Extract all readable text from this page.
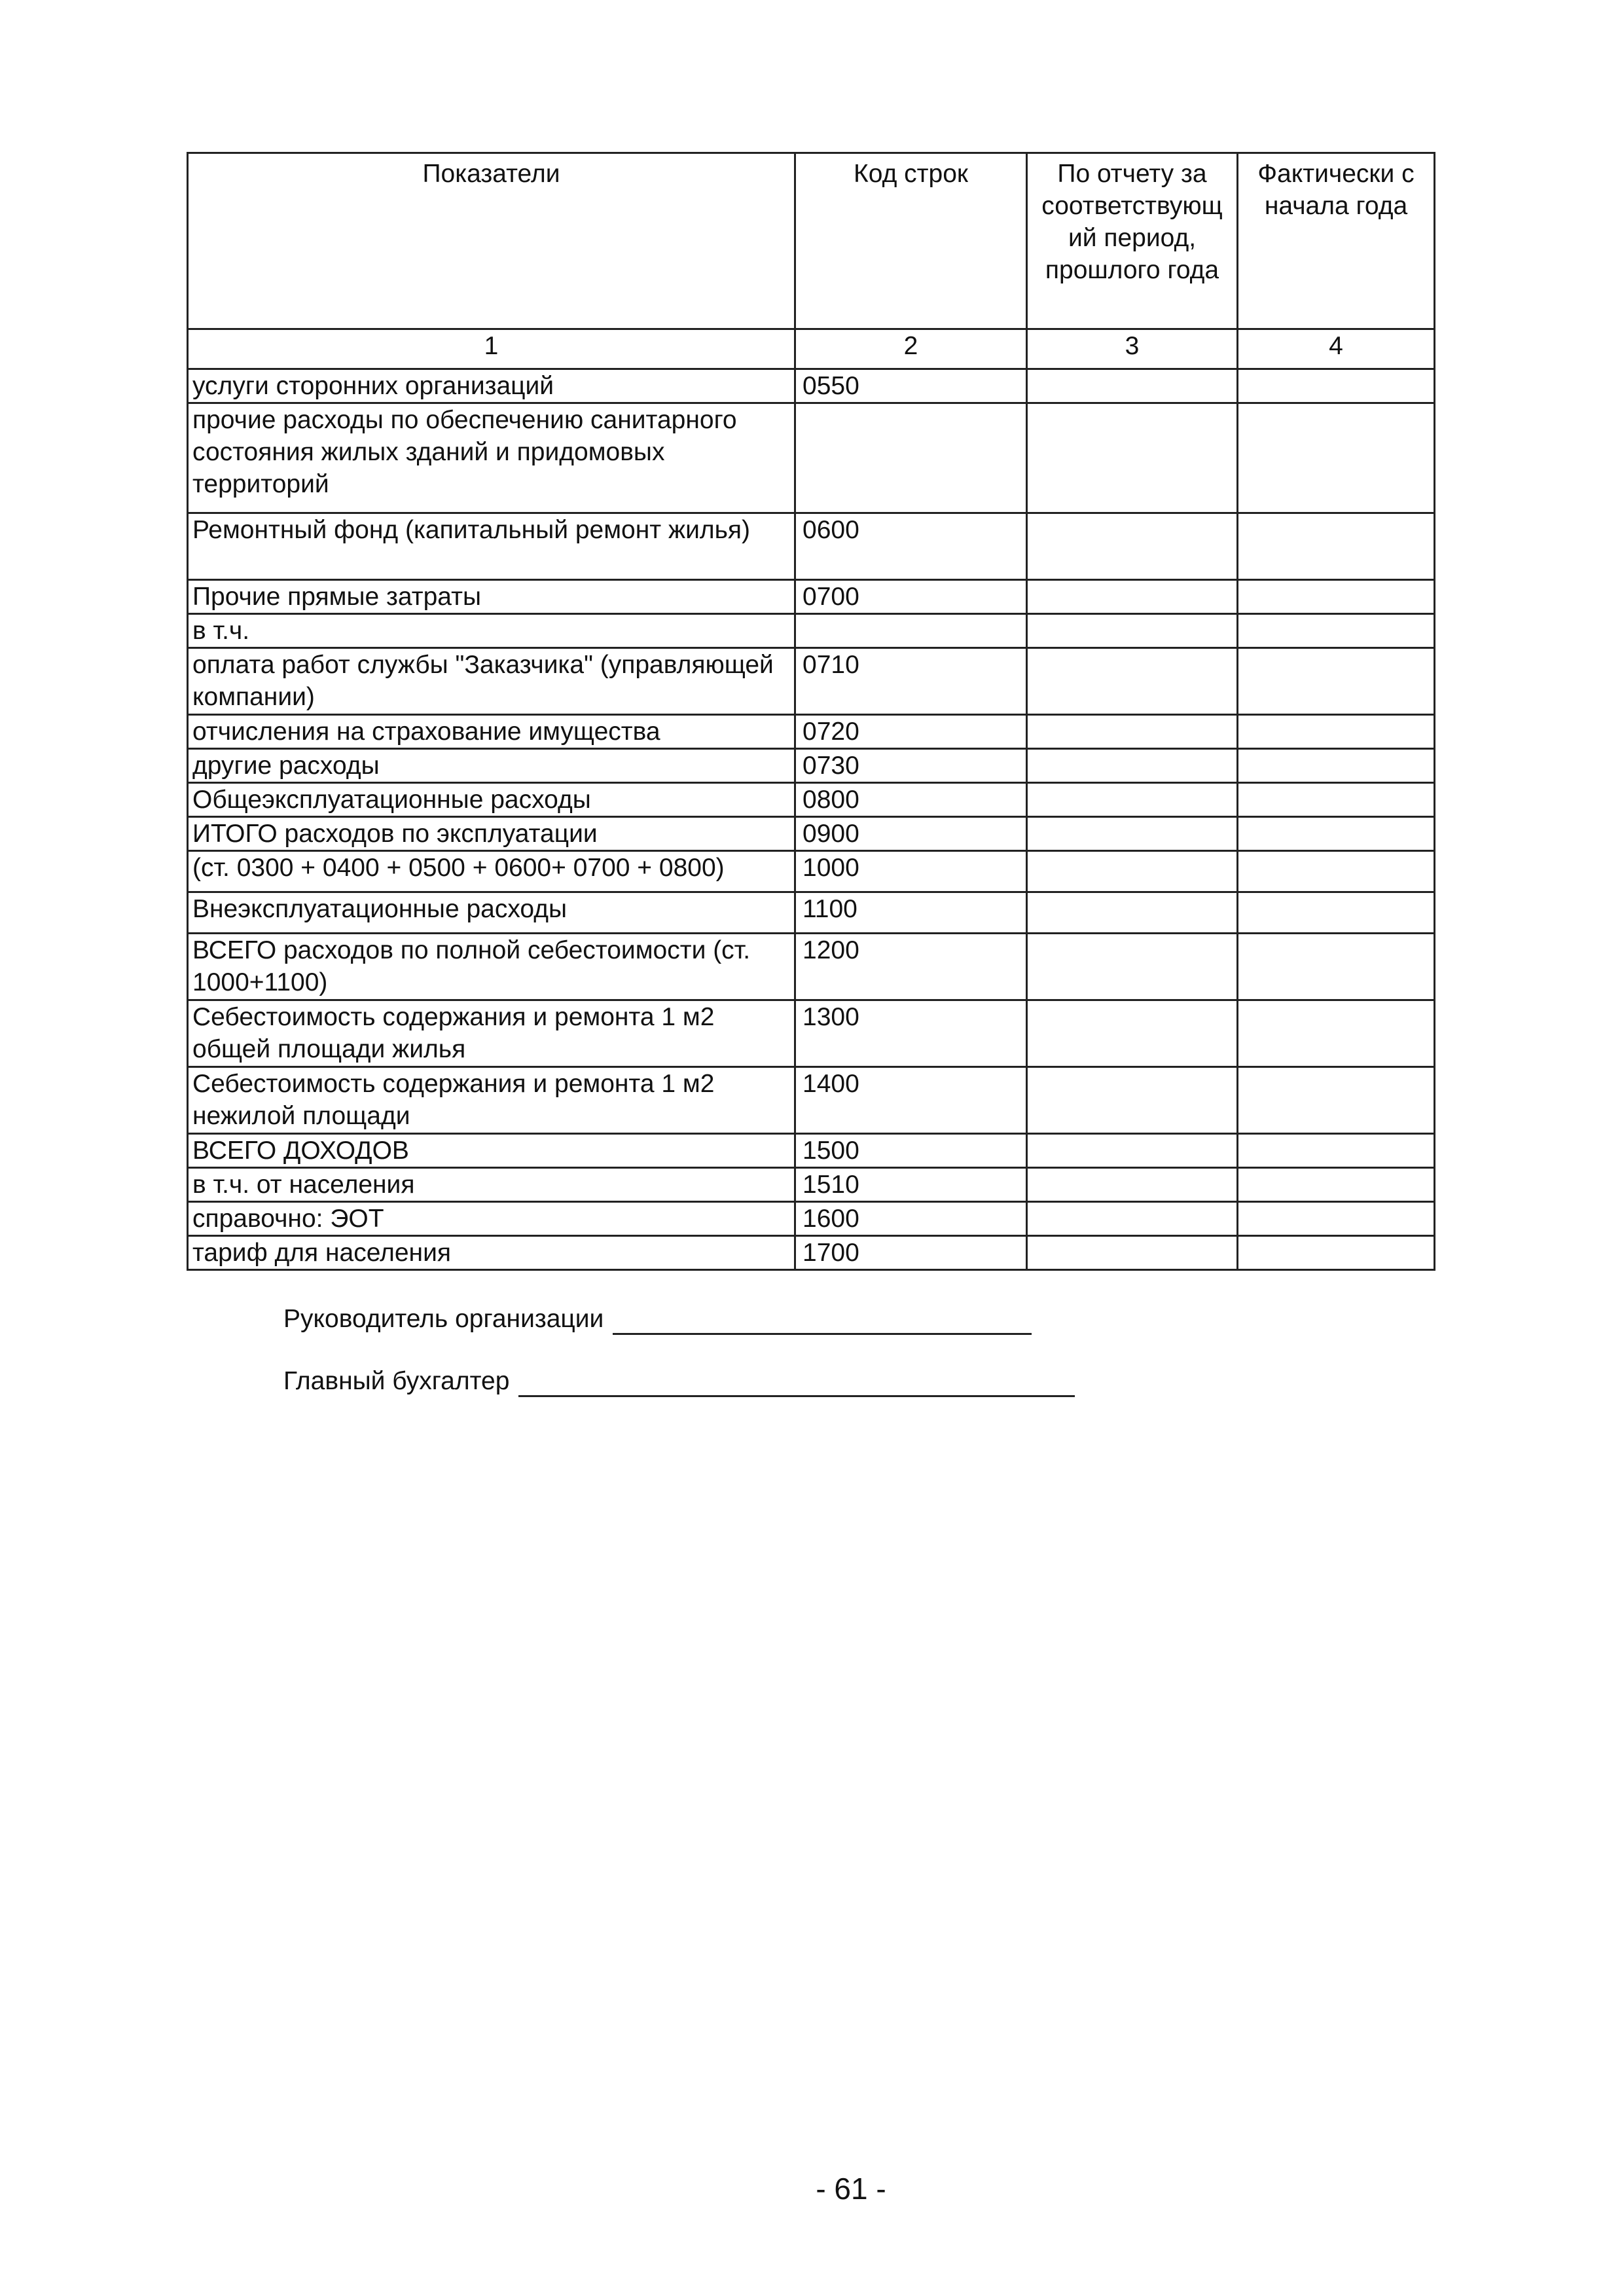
Показатели	Код строк	По отчету за соответствующ ий период, прошлого года	Фактически с начала года
1	2	3	4
услуги сторонних организаций	0550		
прочие расходы по обеспечению санитарного состояния жилых зданий и придомовых территорий			
Ремонтный фонд (капитальный ремонт жилья)	0600		
Прочие прямые затраты	0700		
в т.ч.			
оплата работ службы "Заказчика" (управляющей компании)	0710		
отчисления на страхование имущества	0720		
другие расходы	0730		
Общеэксплуатационные расходы	0800		
ИТОГО расходов по эксплуатации	0900		
(ст. 0300 + 0400 + 0500 + 0600+ 0700 + 0800)	1000		
Внеэксплуатационные расходы	1100		
ВСЕГО расходов по полной себестоимости (ст. 1000+1100)	1200		
Себестоимость содержания и ремонта 1 м2 общей площади жилья	1300		
Себестоимость содержания и ремонта 1 м2 нежилой площади	1400		
ВСЕГО ДОХОДОВ	1500		
в т.ч. от населения	1510		
справочно: ЭОТ	1600		
тариф для населения	1700		
Руководитель организации
Главный бухгалтер
- 61 -
